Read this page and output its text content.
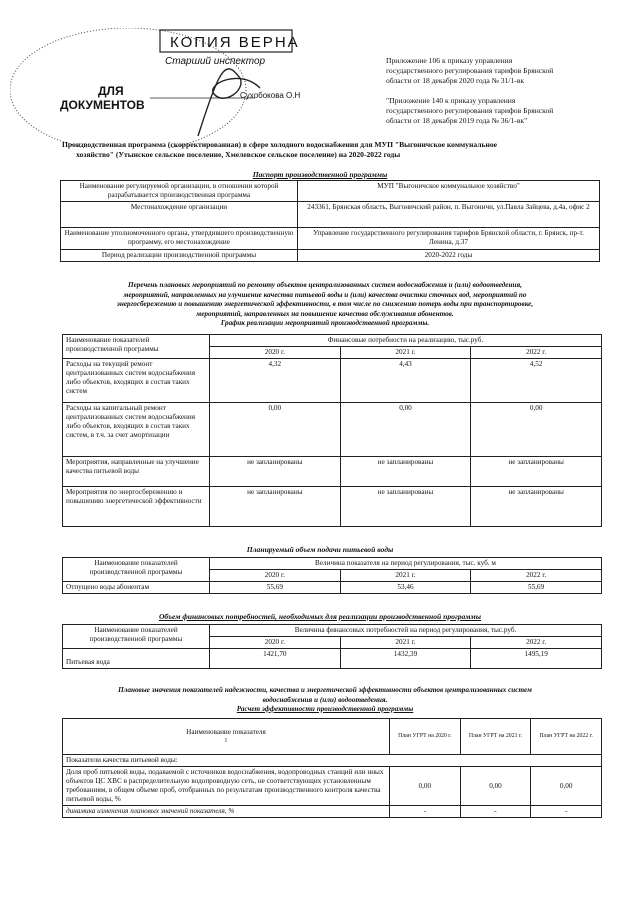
КОПИЯ ВЕРНА
Старший инспектор
ДЛЯ
ДОКУМЕНТОВ
Сухобокова О.Н
Приложение 106 к приказу управления
государственного регулирования тарифов Брянской
области от 18 декабря 2020 года № 31/1-вк
"Приложение 140 к приказу управления
государственного регулирования тарифов Брянской
области от 18 декабря 2019 года № 36/1-вк"
Производственная программа (скорректированная) в сфере холодного водоснабжения для МУП "Выгоничское коммунальное
хозяйство" (Утынское сельское поселение, Хмелевское сельское поселение) на 2020-2022 годы
Паспорт производственной программы
Наименование регулируемой организации, в отношении которой разрабатывается производственная программа	МУП "Выгоничское коммунальное хозяйство"
Местонахождение организации	243361, Брянская область, Выгоничский район, п. Выгоничи, ул.Павла Зайцева, д.4а, офис 2
Наименование уполномоченного органа, утвердившего производственную программу, его местонахождение	Управление государственного регулирования тарифов Брянской области, г. Брянск, пр-т. Ленина, д.37
Период реализации производственной программы	2020-2022 годы
Перечень плановых мероприятий по ремонту объектов централизованных систем водоснабжения и (или) водоотведения,
мероприятий, направленных на улучшение качества питьевой воды и (или) качества очистки сточных вод, мероприятий по
энергосбережению и повышению энергетической эффективности, в том числе по снижению потерь воды при транспортировке,
мероприятий, направленных на повышение качества обслуживания абонентов.
График реализации мероприятий производственной программы.
Наименование показателей производственной программы	Финансовые потребности на реализацию, тыс.руб.		
	2020 г.	2021 г.	2022 г.
Расходы на текущий ремонт централизованных систем водоснабжения либо объектов, входящих в состав таких систем	4,32	4,43	4,52
Расходы на капитальный ремонт централизованных систем водоснабжения либо объектов, входящих в состав таких систем, в т.ч. за счет амортизации	0,00	0,00	0,00
Мероприятия, направленные на улучшение качества питьевой воды	не запланированы	не запланированы	не запланированы
Мероприятия по энергосбережению и повышению энергетической эффективности	не запланированы	не запланированы	не запланированы
Планируемый объем подачи питьевой воды
Наименование показателей производственной программы	Величина показателя на период регулирования, тыс. куб. м		
	2020 г.	2021 г.	2022 г.
Отпущено воды абонентам	55,69	53,46	55,69
Объем финансовых потребностей, необходимых для реализации производственной программы
Наименование показателей производственной программы	Величина финансовых потребностей на период регулирования, тыс.руб.		
	2020 г.	2021 г.	2022 г.
Питьевая вода	1421,70	1432,39	1495,19
Плановые значения показателей надежности, качества и энергетической эффективности объектов централизованных систем
водоснабжения и (или) водоотведения.
Расчет эффективности производственной программы
Наименование показателя
1	План УГРТ на 2020 г.	План УГРТ на 2021 г.	План УГРТ на 2022 г.
Показатели качества питьевой воды:			
Доля проб питьевой воды, подаваемой с источников водоснабжения, водопроводных станций или иных объектов ЦС ХВС в распределительную водопроводную сеть, не соответствующих установленным требованиям, в общем объеме проб, отобранных по результатам производственного контроля качества питьевой воды, %	0,00	0,00	0,00
динамика изменения плановых значений показателя, %	-	-	-
